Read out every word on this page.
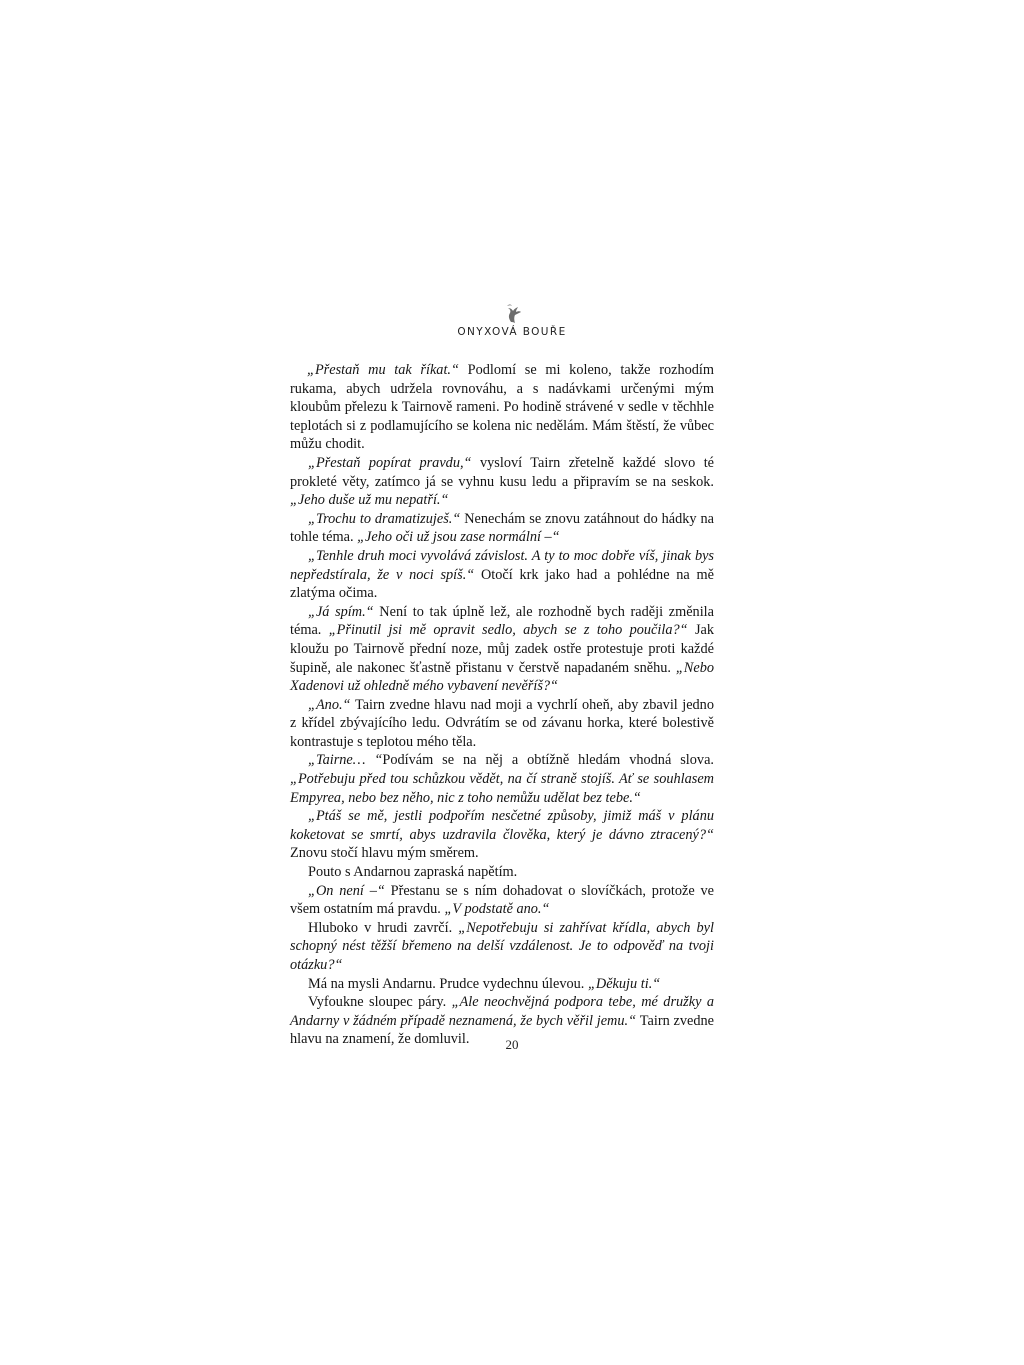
ONYXOVÁ BOUŘE

„Přestaň mu tak říkat.“ Podlomí se mi koleno, takže rozhodím rukama, abych udržela rovnováhu, a s nadávkami určenými mým kloubům přelezu k Tairnově rameni. Po hodině strávené v sedle v těchhle teplotách si z podlamujícího se kolena nic nedělám. Mám štěstí, že vůbec můžu chodit.

„Přestaň popírat pravdu,“ vysloví Tairn zřetelně každé slovo té prokleté věty, zatímco já se vyhnu kusu ledu a připravím se na seskok. „Jeho duše už mu nepatří.“

„Trochu to dramatizuješ.“ Nenechám se znovu zatáhnout do hádky na tohle téma. „Jeho oči už jsou zase normální –“

„Tenhle druh moci vyvolává závislost. A ty to moc dobře víš, jinak bys nepředstírala, že v noci spíš.“ Otočí krk jako had a pohlédne na mě zlatýma očima.

„Já spím.“ Není to tak úplně lež, ale rozhodně bych raději změnila téma. „Přinutil jsi mě opravit sedlo, abych se z toho poučila?“ Jak kloužu po Tairnově přední noze, můj zadek ostře protestuje proti každé šupině, ale nakonec šťastně přistanu v čerstvě napadaném sněhu. „Nebo Xadenovi už ohledně mého vybavení nevěříš?“

„Ano.“ Tairn zvedne hlavu nad moji a vychrlí oheň, aby zbavil jedno z křídel zbývajícího ledu. Odvrátím se od závanu horka, které bolestivě kontrastuje s teplotou mého těla.

„Tairne… “Podívám se na něj a obtížně hledám vhodná slova. „Potřebuju před tou schůzkou vědět, na čí straně stojíš. Ať se souhlasem Empyrea, nebo bez něho, nic z toho nemůžu udělat bez tebe.“

„Ptáš se mě, jestli podpořím nesčetné způsoby, jimiž máš v plánu koketovat se smrtí, abys uzdravila člověka, který je dávno ztracený?“ Znovu stočí hlavu mým směrem.

Pouto s Andarnou zapraská napětím.

„On není –“ Přestanu se s ním dohadovat o slovíčkách, protože ve všem ostatním má pravdu. „V podstatě ano.“

Hluboko v hrudi zavrčí. „Nepotřebuju si zahřívat křídla, abych byl schopný nést těžší břemeno na delší vzdálenost. Je to odpověď na tvoji otázku?“

Má na mysli Andarnu. Prudce vydechnu úlevou. „Děkuju ti.“

Vyfoukne sloupec páry. „Ale neochvějná podpora tebe, mé družky a Andarny v žádném případě neznamená, že bych věřil jemu.“ Tairn zvedne hlavu na znamení, že domluvil.	20
